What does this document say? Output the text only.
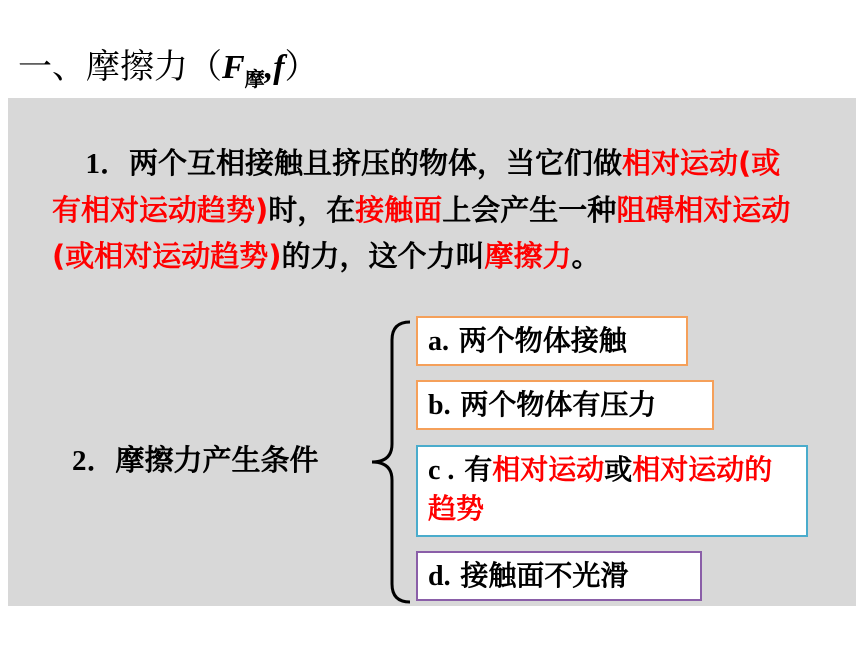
一、摩擦力$(F_摩,f)$
1．两个互相接触且挤压的物体，当它们做相对运动(或有相对运动趋势)时，在接触面上会产生一种阻碍相对运动(或相对运动趋势)的力，这个力叫摩擦力。
2．摩擦力产生条件
a. 两个物体接触
b. 两个物体有压力
c . 有相对运动或相对运动的趋势
d. 接触面不光滑
